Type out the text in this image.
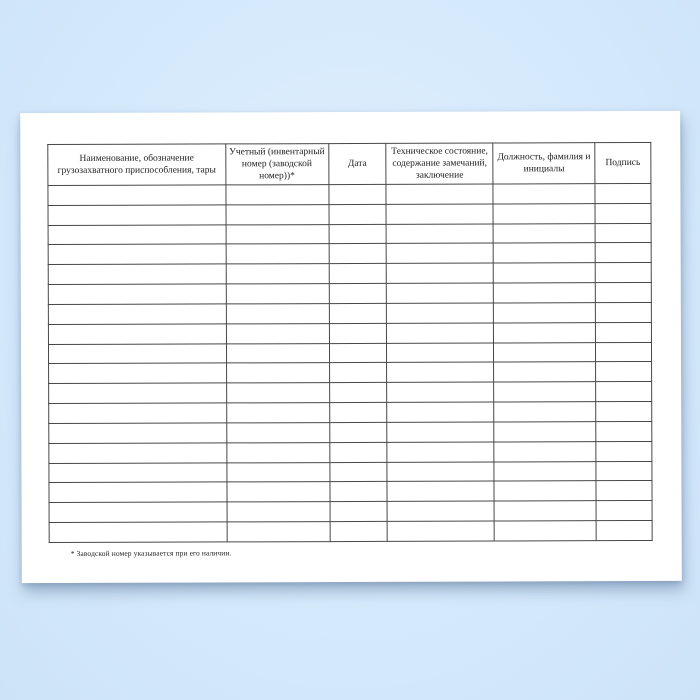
Наименование, обозначение грузозахватного приспособления, тары	Учетный (инвентарный номер (заводской номер))*	Дата	Техническое состояние, содержание замечаний, заключение	Должность, фамилия и инициалы	Подпись

* Заводской номер указывается при его наличии.
